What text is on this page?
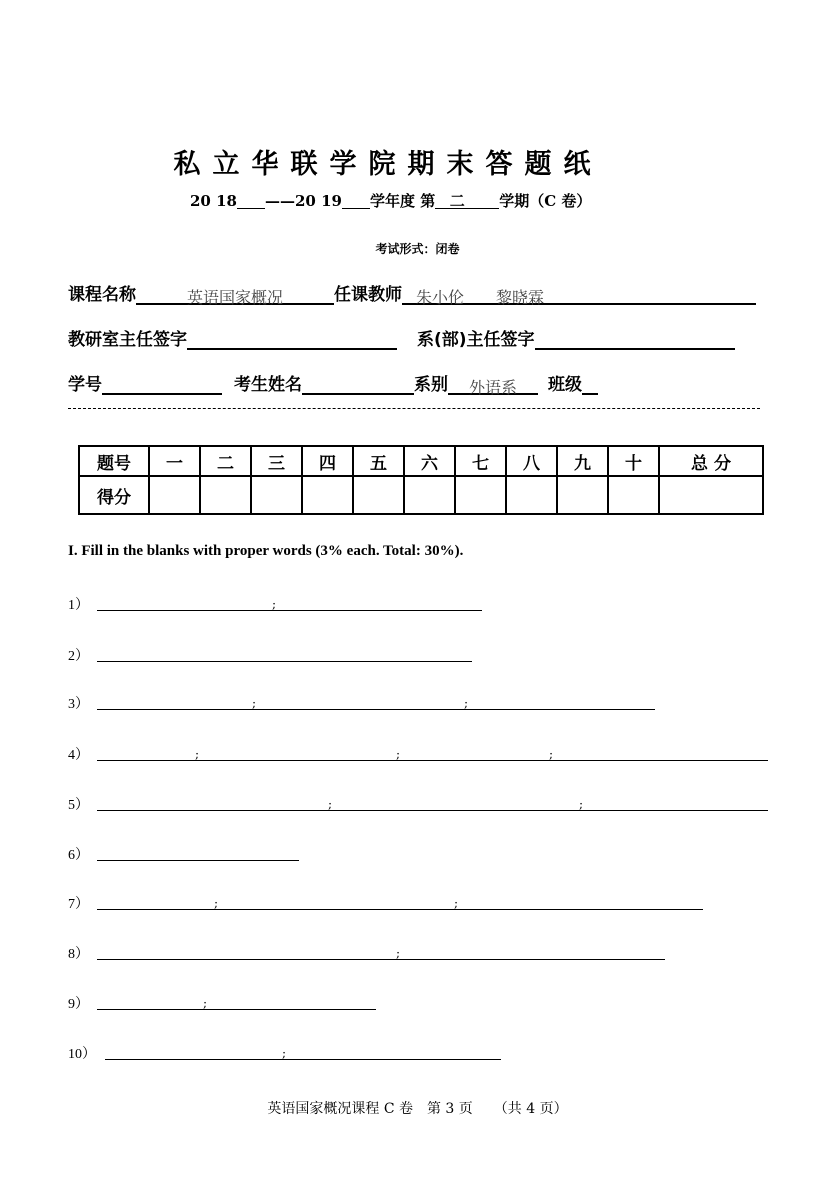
私立华联学院期末答题纸
20 18 ——20 19 学年度 第 二 学期（C 卷）
考试形式：闭卷
课程名称	英语国家概况	任课教师 朱小伦　　黎晓霖
教研室主任签字	系(部)主任签字
学号	考生姓名	系别 外语系 班级
题号	一	二	三	四	五	六	七	八	九	十	总 分
得分											
I. Fill in the blanks with proper words (3% each. Total: 30%).
1）	;
2）
3）	;	;
4）	;	;	;
5）	;	;
6）
7）	;	;
8）	;
9）	;
10）	;
英语国家概况课程 C 卷　第 3 页　　（共 4 页）
